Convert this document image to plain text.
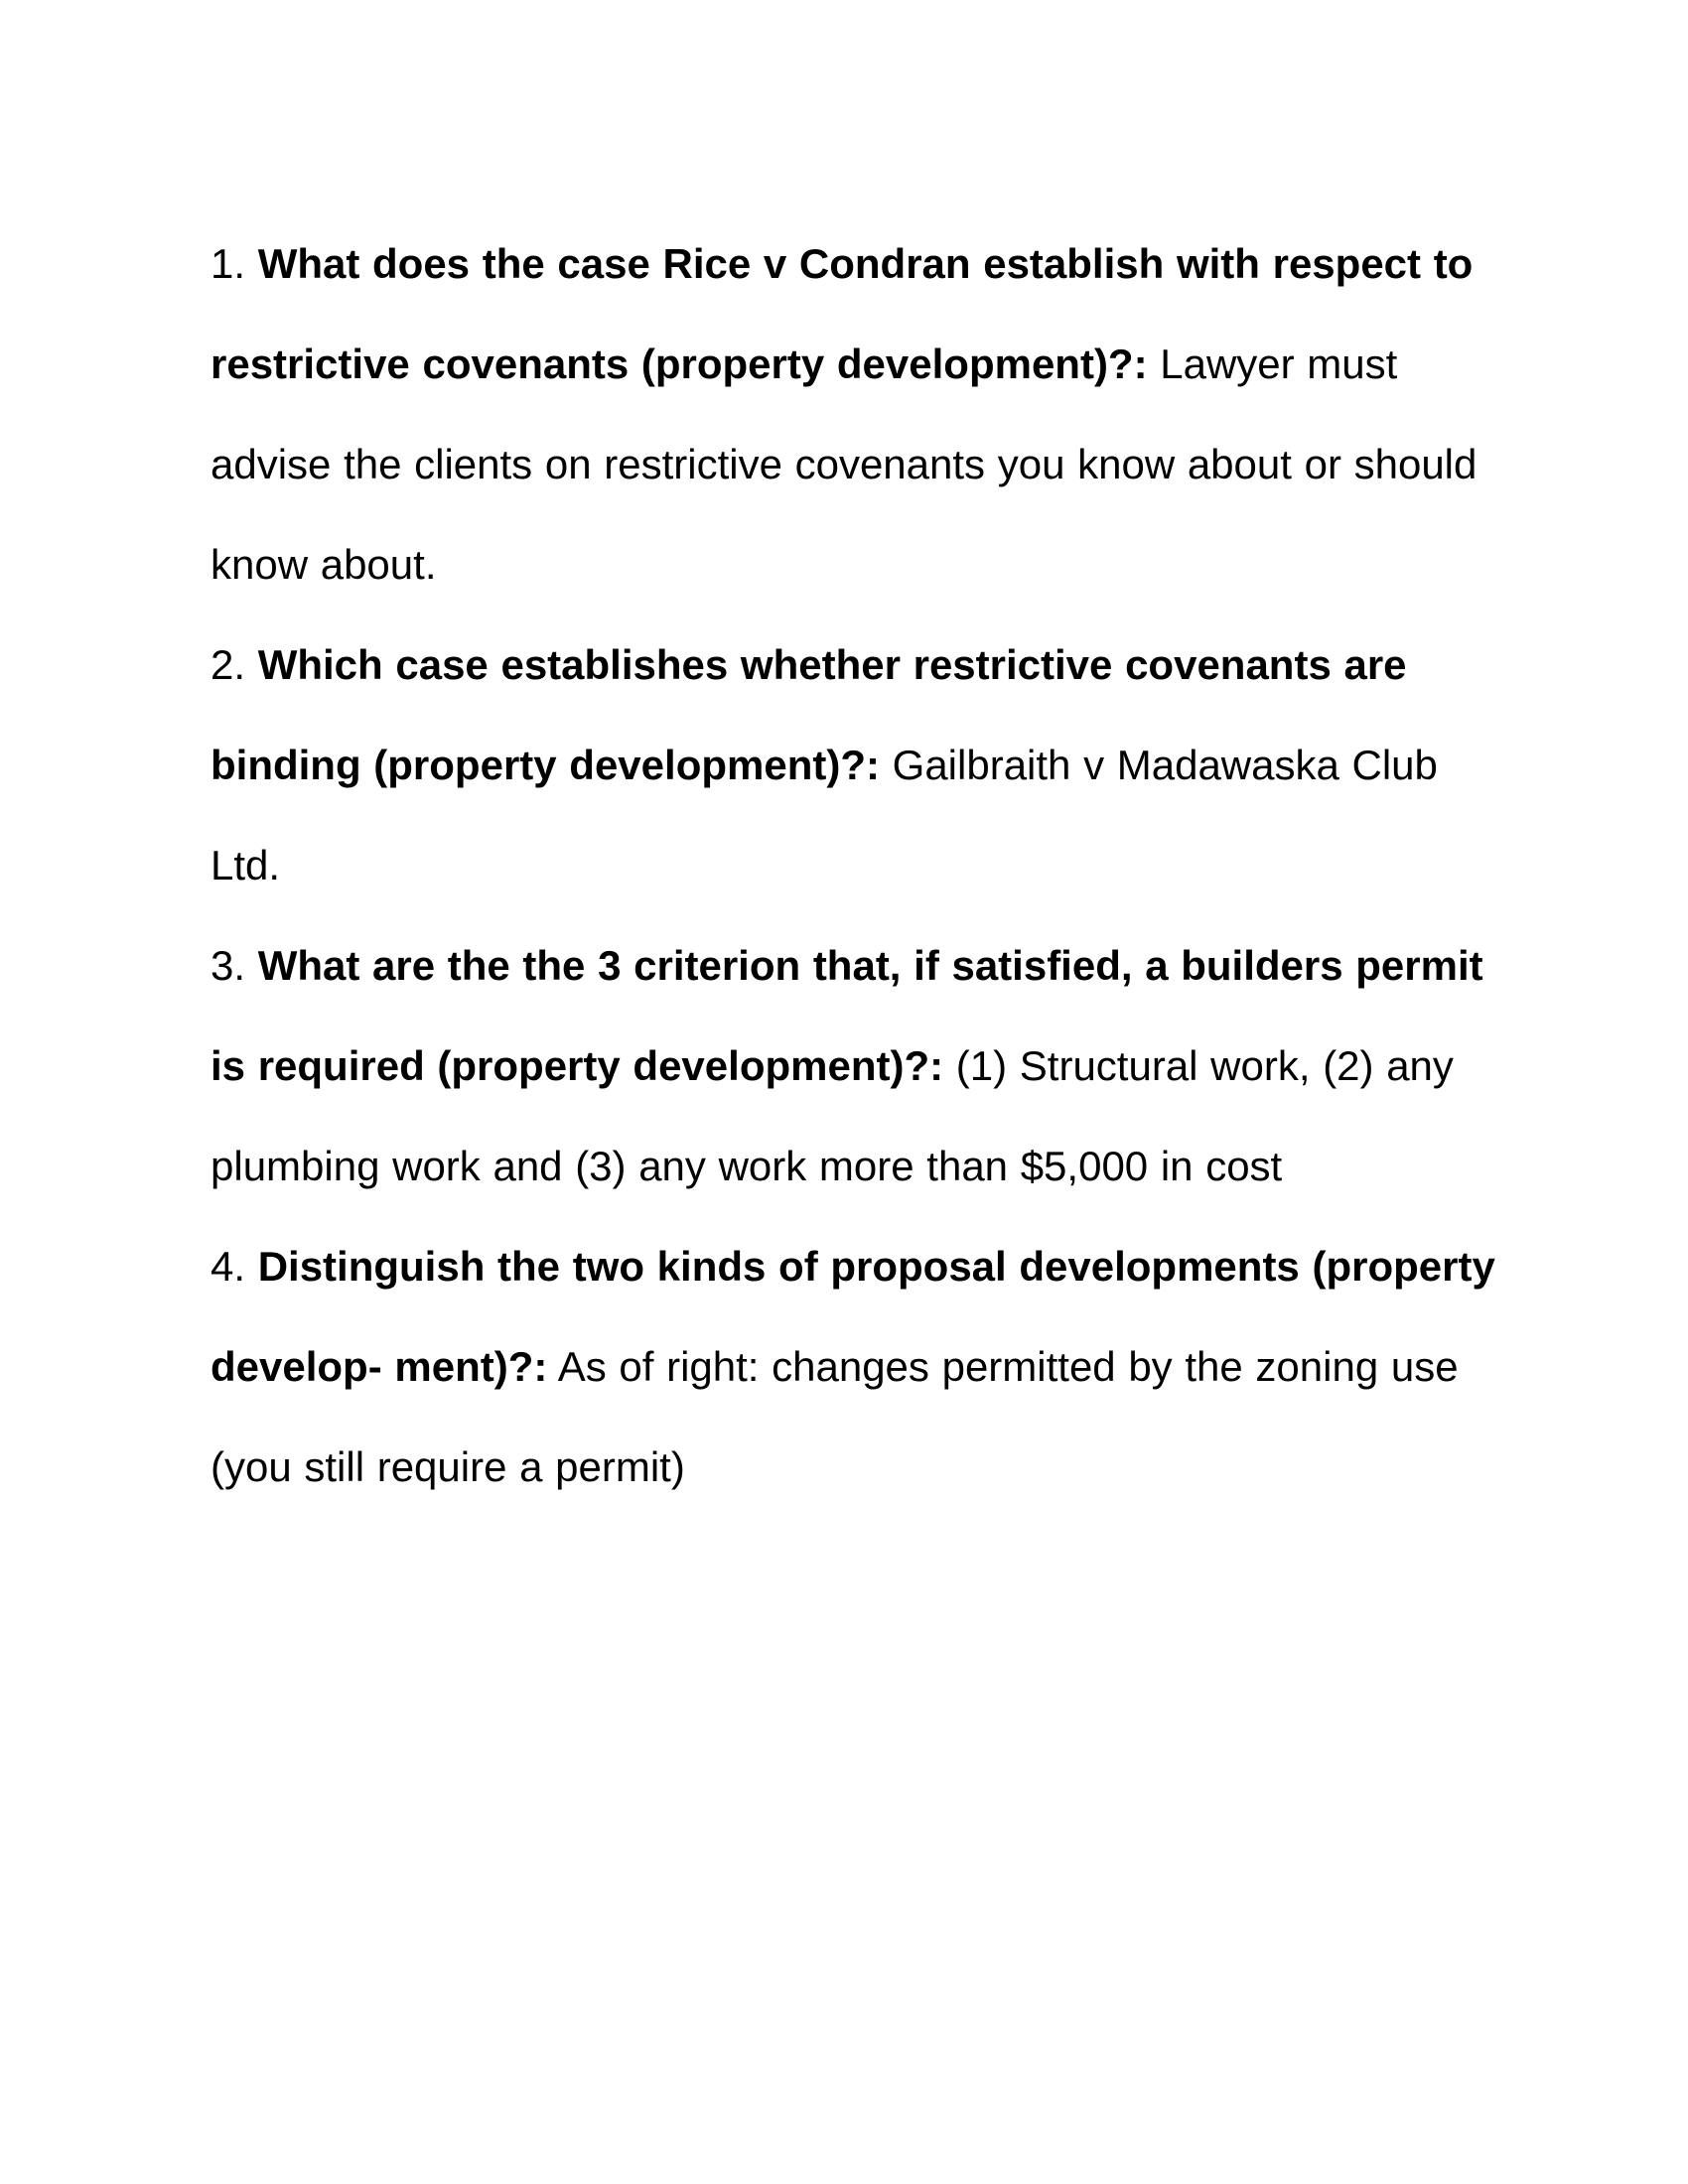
1. What does the case Rice v Condran establish with respect to restrictive covenants (property development)?: Lawyer must advise the clients on restrictive covenants you know about or should know about.

2. Which case establishes whether restrictive covenants are binding (property development)?: Gailbraith v Madawaska Club Ltd.

3. What are the the 3 criterion that, if satisfied, a builders permit is required (property development)?: (1) Structural work, (2) any plumbing work and (3) any work more than $5,000 in cost

4. Distinguish the two kinds of proposal developments (property develop- ment)?: As of right: changes permitted by the zoning use (you still require a permit)
